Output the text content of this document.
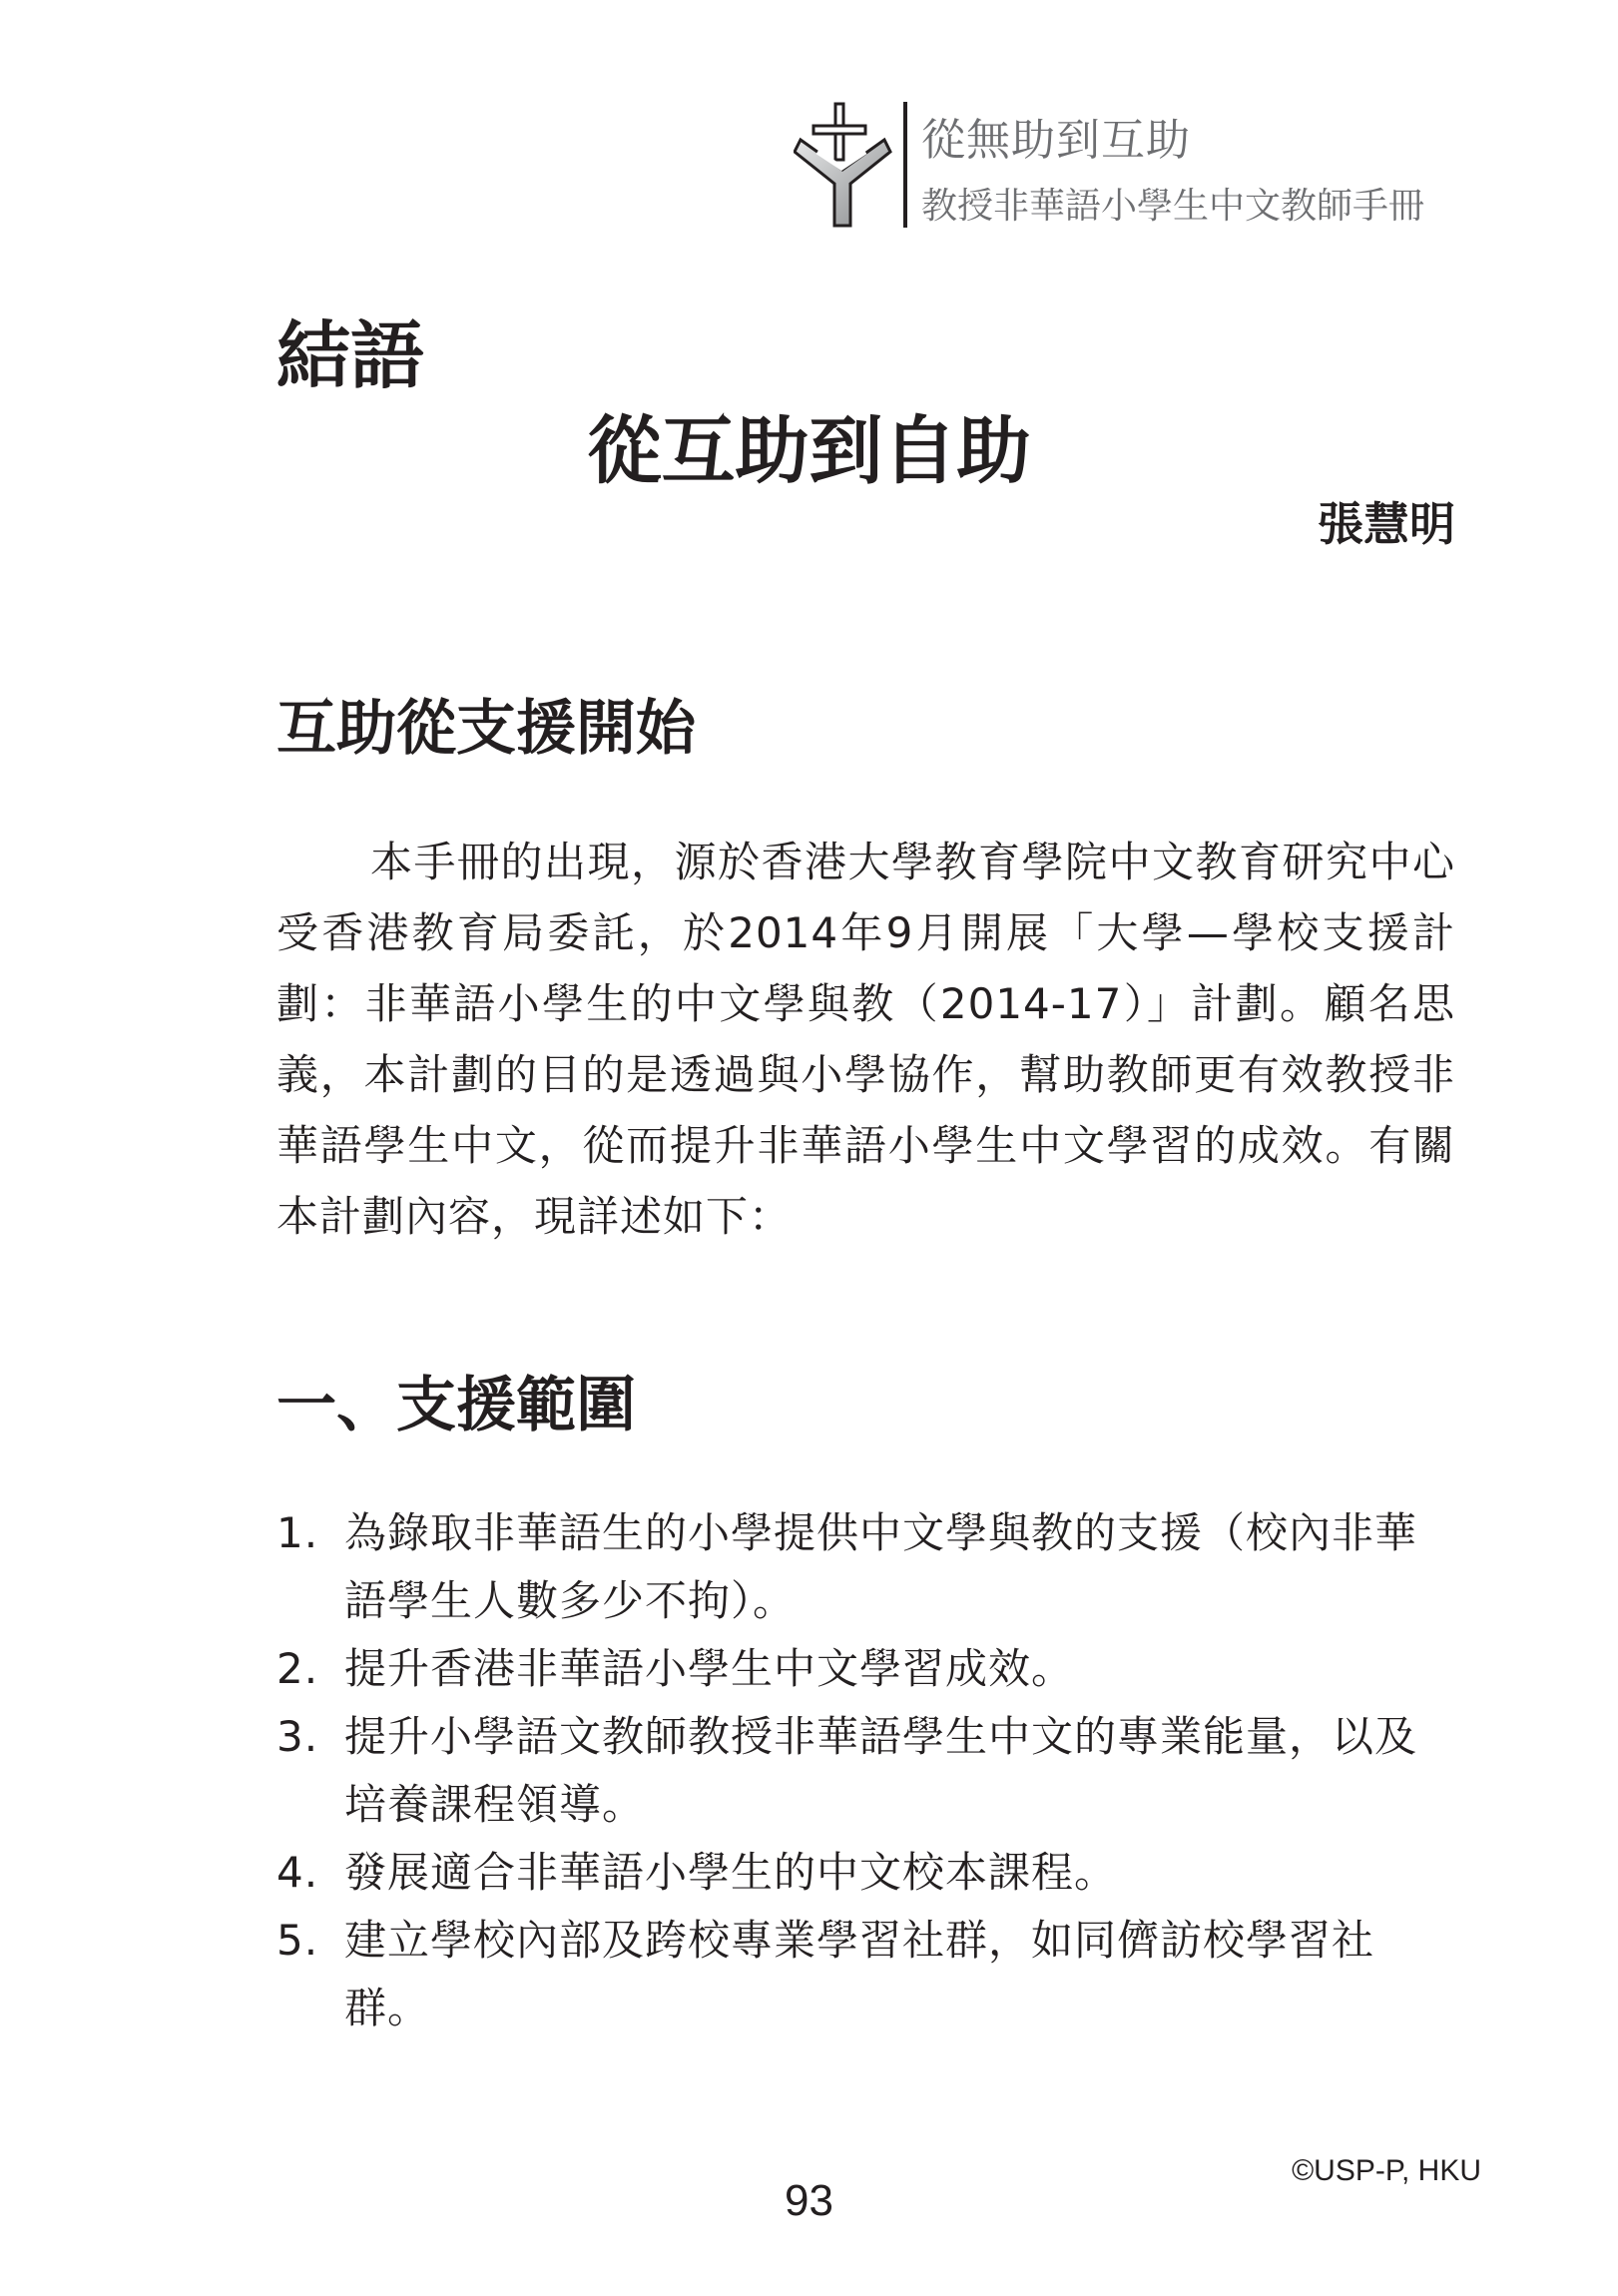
從無助到互助
教授非華語小學生中文教師手冊
結語
從互助到自助
張慧明
互助從支援開始

本手冊的出現，源於香港大學教育學院中文教育研究中心受香港教育局委託，於2014年9月開展「大學—學校支援計劃：非華語小學生的中文學與教（2014-17）」計劃。顧名思義，本計劃的目的是透過與小學協作，幫助教師更有效教授非華語學生中文，從而提升非華語小學生中文學習的成效。有關本計劃內容，現詳述如下：

一、支援範圍
1. 為錄取非華語生的小學提供中文學與教的支援（校內非華語學生人數多少不拘）。
2. 提升香港非華語小學生中文學習成效。
3. 提升小學語文教師教授非華語學生中文的專業能量，以及培養課程領導。
4. 發展適合非華語小學生的中文校本課程。
5. 建立學校內部及跨校專業學習社群，如同儕訪校學習社群。
©USP-P, HKU
93
